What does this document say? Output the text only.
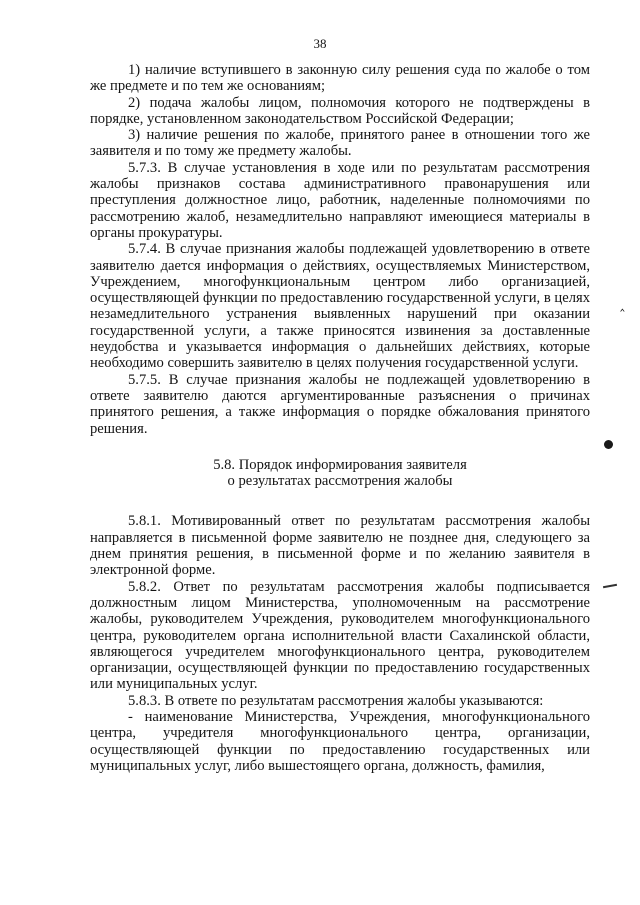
38

1) наличие вступившего в законную силу решения суда по жалобе о том же предмете и по тем же основаниям;

2) подача жалобы лицом, полномочия которого не подтверждены в порядке, установленном законодательством Российской Федерации;

3) наличие решения по жалобе, принятого ранее в отношении того же заявителя и по тому же предмету жалобы.

5.7.3. В случае установления в ходе или по результатам рассмотрения жалобы признаков состава административного правонарушения или преступления должностное лицо, работник, наделенные полномочиями по рассмотрению жалоб, незамедлительно направляют имеющиеся материалы в органы прокуратуры.

5.7.4. В случае признания жалобы подлежащей удовлетворению в ответе заявителю дается информация о действиях, осуществляемых Министерством, Учреждением, многофункциональным центром либо организацией, осуществляющей функции по предоставлению государственной услуги, в целях незамедлительного устранения выявленных нарушений при оказании государственной услуги, а также приносятся извинения за доставленные неудобства и указывается информация о дальнейших действиях, которые необходимо совершить заявителю в целях получения государственной услуги.

5.7.5. В случае признания жалобы не подлежащей удовлетворению в ответе заявителю даются аргументированные разъяснения о причинах принятого решения, а также информация о порядке обжалования принятого решения.

5.8. Порядок информирования заявителя
о результатах рассмотрения жалобы

5.8.1. Мотивированный ответ по результатам рассмотрения жалобы направляется в письменной форме заявителю не позднее дня, следующего за днем принятия решения, в письменной форме и по желанию заявителя в электронной форме.

5.8.2. Ответ по результатам рассмотрения жалобы подписывается должностным лицом Министерства, уполномоченным на рассмотрение жалобы, руководителем Учреждения, руководителем многофункционального центра, руководителем органа исполнительной власти Сахалинской области, являющегося учредителем многофункционального центра, руководителем организации, осуществляющей функции по предоставлению государственных или муниципальных услуг.

5.8.3. В ответе по результатам рассмотрения жалобы указываются:

- наименование Министерства, Учреждения, многофункционального центра, учредителя многофункционального центра, организации, осуществляющей функции по предоставлению государственных или муниципальных услуг, либо вышестоящего органа, должность, фамилия,

‸
